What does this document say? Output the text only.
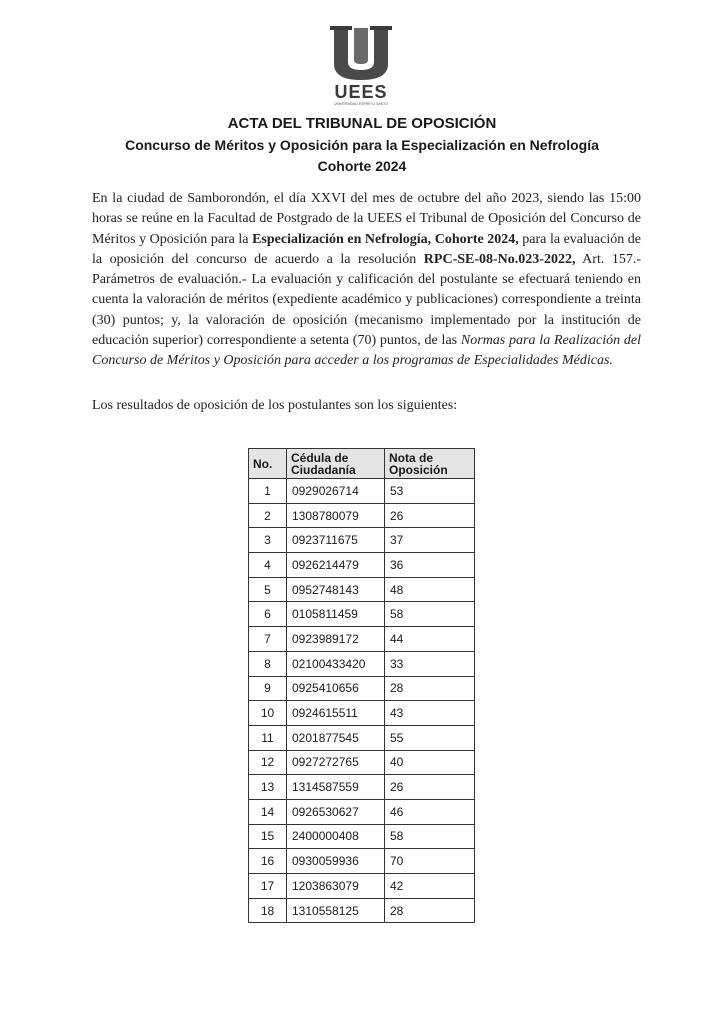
UEES
UNIVERSIDAD ESPÍRITU SANTO
ACTA DEL TRIBUNAL DE OPOSICIÓN
Concurso de Méritos y Oposición para la Especialización en Nefrología
Cohorte 2024
En la ciudad de Samborondón, el día XXVI del mes de octubre del año 2023, siendo las 15:00 horas se reúne en la Facultad de Postgrado de la UEES el Tribunal de Oposición del Concurso de Méritos y Oposición para la Especialización en Nefrología, Cohorte 2024, para la evaluación de la oposición del concurso de acuerdo a la resolución RPC-SE-08-No.023-2022, Art. 157.- Parámetros de evaluación.- La evaluación y calificación del postulante se efectuará teniendo en cuenta la valoración de méritos (expediente académico y publicaciones) correspondiente a treinta (30) puntos; y, la valoración de oposición (mecanismo implementado por la institución de educación superior) correspondiente a setenta (70) puntos, de las Normas para la Realización del Concurso de Méritos y Oposición para acceder a los programas de Especialidades Médicas.
Los resultados de oposición de los postulantes son los siguientes:
No.	Cédula de Ciudadanía	Nota de Oposición
1	0929026714	53
2	1308780079	26
3	0923711675	37
4	0926214479	36
5	0952748143	48
6	0105811459	58
7	0923989172	44
8	02100433420	33
9	0925410656	28
10	0924615511	43
11	0201877545	55
12	0927272765	40
13	1314587559	26
14	0926530627	46
15	2400000408	58
16	0930059936	70
17	1203863079	42
18	1310558125	28
